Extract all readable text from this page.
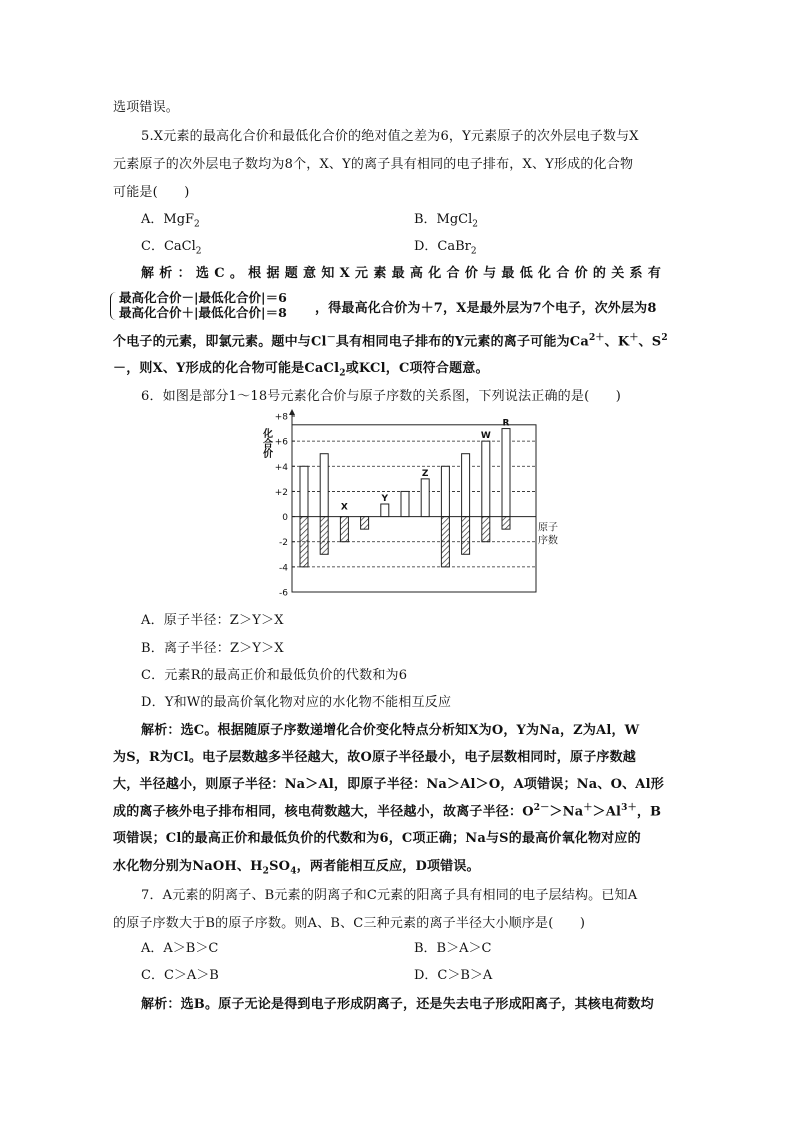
选项错误。
5.X元素的最高化合价和最低化合价的绝对值之差为6，Y元素原子的次外层电子数与X
元素原子的次外层电子数均为8个，X、Y的离子具有相同的电子排布，X、Y形成的化合物
可能是(　　)
A．MgF$_2$	B．MgCl$_2$
C．CaCl$_2$	D．CaBr$_2$
解析：选C。根据题意知X元素最高化合价与最低化合价的关系有
最高化合价－|最低化合价|＝6
最高化合价＋|最低化合价|＝8 ，得最高化合价为＋7，X是最外层为7个电子，次外层为8
个电子的元素，即氯元素。题中与Cl－具有相同电子排布的Y元素的离子可能为$Ca^{2+}$、K＋、$S^2$
－，则X、Y形成的化合物可能是CaCl$_2$或KCl，C项符合题意。
6．如图是部分1～18号元素化合价与原子序数的关系图，下列说法正确的是(　　)
+8
+6
+4
+2
0
-2
-4
-6
化合价
原子
序数
X
Y
Z
W
R
A．原子半径：Z＞Y＞X
B．离子半径：Z＞Y＞X
C．元素R的最高正价和最低负价的代数和为6
D．Y和W的最高价氧化物对应的水化物不能相互反应
解析：选C。根据随原子序数递增化合价变化特点分析知X为O，Y为Na，Z为Al，W
为S，R为Cl。电子层数越多半径越大，故O原子半径最小，电子层数相同时，原子序数越
大，半径越小，则原子半径：Na＞Al，即原子半径：Na＞Al＞O，A项错误；Na、O、Al形
成的离子核外电子排布相同，核电荷数越大，半径越小，故离子半径：$O^{2-}>Na^+>Al^{3+}$，B
项错误；Cl的最高正价和最低负价的代数和为6，C项正确；Na与S的最高价氧化物对应的
水化物分别为NaOH、$H_2SO_4$，两者能相互反应，D项错误。
7．A元素的阴离子、B元素的阴离子和C元素的阳离子具有相同的电子层结构。已知A
的原子序数大于B的原子序数。则A、B、C三种元素的离子半径大小顺序是(　　)
A．A＞B＞C	B．B＞A＞C
C．C＞A＞B	D．C＞B＞A
解析：选B。原子无论是得到电子形成阴离子，还是失去电子形成阳离子，其核电荷数均
